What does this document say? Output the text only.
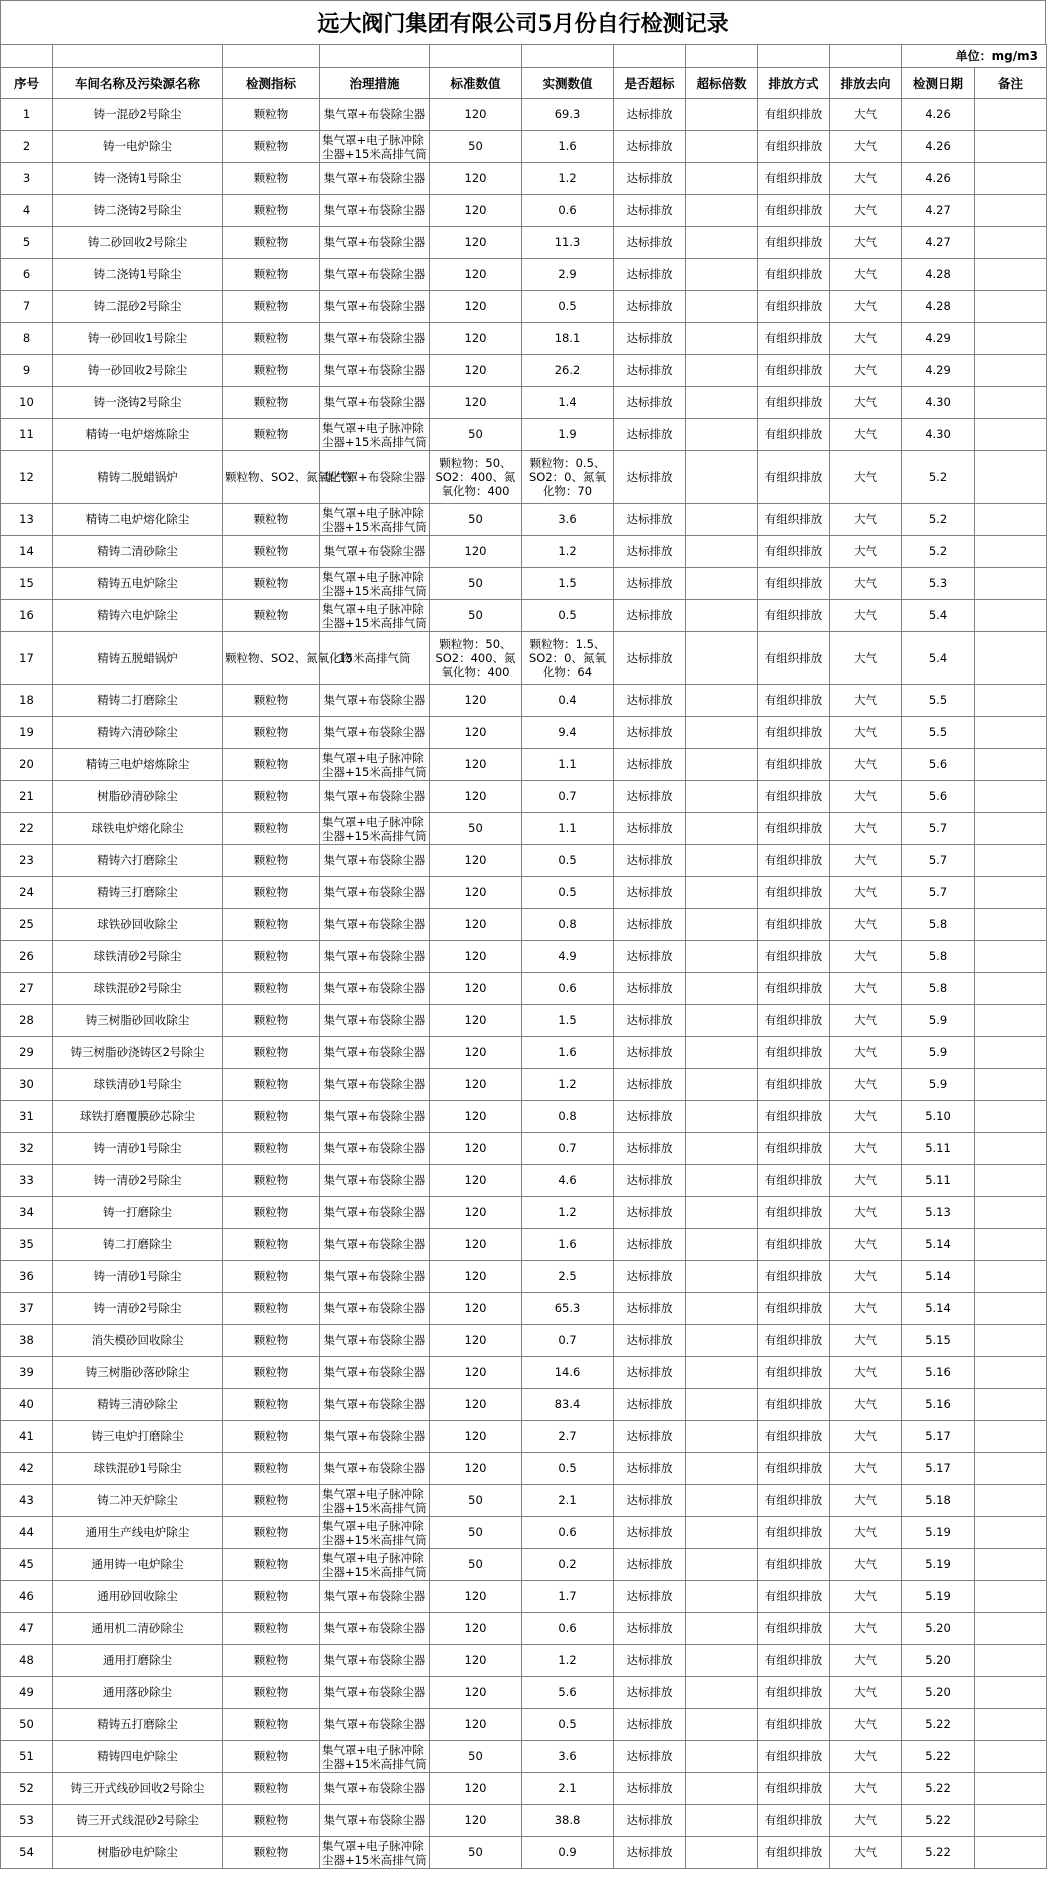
远大阀门集团有限公司5月份自行检测记录
										单位：mg/m3	
序号	车间名称及污染源名称	检测指标	治理措施	标准数值	实测数值	是否超标	超标倍数	排放方式	排放去向	检测日期	备注
1	铸一混砂2号除尘	颗粒物	集气罩+布袋除尘器	120	69.3	达标排放		有组织排放	大气	4.26	
2	铸一电炉除尘	颗粒物	集气罩+电子脉冲除尘器+15米高排气筒	50	1.6	达标排放		有组织排放	大气	4.26	
3	铸一浇铸1号除尘	颗粒物	集气罩+布袋除尘器	120	1.2	达标排放		有组织排放	大气	4.26	
4	铸二浇铸2号除尘	颗粒物	集气罩+布袋除尘器	120	0.6	达标排放		有组织排放	大气	4.27	
5	铸二砂回收2号除尘	颗粒物	集气罩+布袋除尘器	120	11.3	达标排放		有组织排放	大气	4.27	
6	铸二浇铸1号除尘	颗粒物	集气罩+布袋除尘器	120	2.9	达标排放		有组织排放	大气	4.28	
7	铸二混砂2号除尘	颗粒物	集气罩+布袋除尘器	120	0.5	达标排放		有组织排放	大气	4.28	
8	铸一砂回收1号除尘	颗粒物	集气罩+布袋除尘器	120	18.1	达标排放		有组织排放	大气	4.29	
9	铸一砂回收2号除尘	颗粒物	集气罩+布袋除尘器	120	26.2	达标排放		有组织排放	大气	4.29	
10	铸一浇铸2号除尘	颗粒物	集气罩+布袋除尘器	120	1.4	达标排放		有组织排放	大气	4.30	
11	精铸一电炉熔炼除尘	颗粒物	集气罩+电子脉冲除尘器+15米高排气筒	50	1.9	达标排放		有组织排放	大气	4.30	
12	精铸二脱蜡锅炉	颗粒物、SO2、氮氧化物	集气罩+布袋除尘器	颗粒物：50、SO2：400、氮氧化物：400	颗粒物：0.5、SO2：0、氮氧化物：70	达标排放		有组织排放	大气	5.2	
13	精铸二电炉熔化除尘	颗粒物	集气罩+电子脉冲除尘器+15米高排气筒	50	3.6	达标排放		有组织排放	大气	5.2	
14	精铸二清砂除尘	颗粒物	集气罩+布袋除尘器	120	1.2	达标排放		有组织排放	大气	5.2	
15	精铸五电炉除尘	颗粒物	集气罩+电子脉冲除尘器+15米高排气筒	50	1.5	达标排放		有组织排放	大气	5.3	
16	精铸六电炉除尘	颗粒物	集气罩+电子脉冲除尘器+15米高排气筒	50	0.5	达标排放		有组织排放	大气	5.4	
17	精铸五脱蜡锅炉	颗粒物、SO2、氮氧化物	15米高排气筒	颗粒物：50、SO2：400、氮氧化物：400	颗粒物：1.5、SO2：0、氮氧化物：64	达标排放		有组织排放	大气	5.4	
18	精铸二打磨除尘	颗粒物	集气罩+布袋除尘器	120	0.4	达标排放		有组织排放	大气	5.5	
19	精铸六清砂除尘	颗粒物	集气罩+布袋除尘器	120	9.4	达标排放		有组织排放	大气	5.5	
20	精铸三电炉熔炼除尘	颗粒物	集气罩+电子脉冲除尘器+15米高排气筒	120	1.1	达标排放		有组织排放	大气	5.6	
21	树脂砂清砂除尘	颗粒物	集气罩+布袋除尘器	120	0.7	达标排放		有组织排放	大气	5.6	
22	球铁电炉熔化除尘	颗粒物	集气罩+电子脉冲除尘器+15米高排气筒	50	1.1	达标排放		有组织排放	大气	5.7	
23	精铸六打磨除尘	颗粒物	集气罩+布袋除尘器	120	0.5	达标排放		有组织排放	大气	5.7	
24	精铸三打磨除尘	颗粒物	集气罩+布袋除尘器	120	0.5	达标排放		有组织排放	大气	5.7	
25	球铁砂回收除尘	颗粒物	集气罩+布袋除尘器	120	0.8	达标排放		有组织排放	大气	5.8	
26	球铁清砂2号除尘	颗粒物	集气罩+布袋除尘器	120	4.9	达标排放		有组织排放	大气	5.8	
27	球铁混砂2号除尘	颗粒物	集气罩+布袋除尘器	120	0.6	达标排放		有组织排放	大气	5.8	
28	铸三树脂砂回收除尘	颗粒物	集气罩+布袋除尘器	120	1.5	达标排放		有组织排放	大气	5.9	
29	铸三树脂砂浇铸区2号除尘	颗粒物	集气罩+布袋除尘器	120	1.6	达标排放		有组织排放	大气	5.9	
30	球铁清砂1号除尘	颗粒物	集气罩+布袋除尘器	120	1.2	达标排放		有组织排放	大气	5.9	
31	球铁打磨覆膜砂芯除尘	颗粒物	集气罩+布袋除尘器	120	0.8	达标排放		有组织排放	大气	5.10	
32	铸一清砂1号除尘	颗粒物	集气罩+布袋除尘器	120	0.7	达标排放		有组织排放	大气	5.11	
33	铸一清砂2号除尘	颗粒物	集气罩+布袋除尘器	120	4.6	达标排放		有组织排放	大气	5.11	
34	铸一打磨除尘	颗粒物	集气罩+布袋除尘器	120	1.2	达标排放		有组织排放	大气	5.13	
35	铸二打磨除尘	颗粒物	集气罩+布袋除尘器	120	1.6	达标排放		有组织排放	大气	5.14	
36	铸一清砂1号除尘	颗粒物	集气罩+布袋除尘器	120	2.5	达标排放		有组织排放	大气	5.14	
37	铸一清砂2号除尘	颗粒物	集气罩+布袋除尘器	120	65.3	达标排放		有组织排放	大气	5.14	
38	消失模砂回收除尘	颗粒物	集气罩+布袋除尘器	120	0.7	达标排放		有组织排放	大气	5.15	
39	铸三树脂砂落砂除尘	颗粒物	集气罩+布袋除尘器	120	14.6	达标排放		有组织排放	大气	5.16	
40	精铸三清砂除尘	颗粒物	集气罩+布袋除尘器	120	83.4	达标排放		有组织排放	大气	5.16	
41	铸三电炉打磨除尘	颗粒物	集气罩+布袋除尘器	120	2.7	达标排放		有组织排放	大气	5.17	
42	球铁混砂1号除尘	颗粒物	集气罩+布袋除尘器	120	0.5	达标排放		有组织排放	大气	5.17	
43	铸二冲天炉除尘	颗粒物	集气罩+电子脉冲除尘器+15米高排气筒	50	2.1	达标排放		有组织排放	大气	5.18	
44	通用生产线电炉除尘	颗粒物	集气罩+电子脉冲除尘器+15米高排气筒	50	0.6	达标排放		有组织排放	大气	5.19	
45	通用铸一电炉除尘	颗粒物	集气罩+电子脉冲除尘器+15米高排气筒	50	0.2	达标排放		有组织排放	大气	5.19	
46	通用砂回收除尘	颗粒物	集气罩+布袋除尘器	120	1.7	达标排放		有组织排放	大气	5.19	
47	通用机二清砂除尘	颗粒物	集气罩+布袋除尘器	120	0.6	达标排放		有组织排放	大气	5.20	
48	通用打磨除尘	颗粒物	集气罩+布袋除尘器	120	1.2	达标排放		有组织排放	大气	5.20	
49	通用落砂除尘	颗粒物	集气罩+布袋除尘器	120	5.6	达标排放		有组织排放	大气	5.20	
50	精铸五打磨除尘	颗粒物	集气罩+布袋除尘器	120	0.5	达标排放		有组织排放	大气	5.22	
51	精铸四电炉除尘	颗粒物	集气罩+电子脉冲除尘器+15米高排气筒	50	3.6	达标排放		有组织排放	大气	5.22	
52	铸三开式线砂回收2号除尘	颗粒物	集气罩+布袋除尘器	120	2.1	达标排放		有组织排放	大气	5.22	
53	铸三开式线混砂2号除尘	颗粒物	集气罩+布袋除尘器	120	38.8	达标排放		有组织排放	大气	5.22	
54	树脂砂电炉除尘	颗粒物	集气罩+电子脉冲除尘器+15米高排气筒	50	0.9	达标排放		有组织排放	大气	5.22	
